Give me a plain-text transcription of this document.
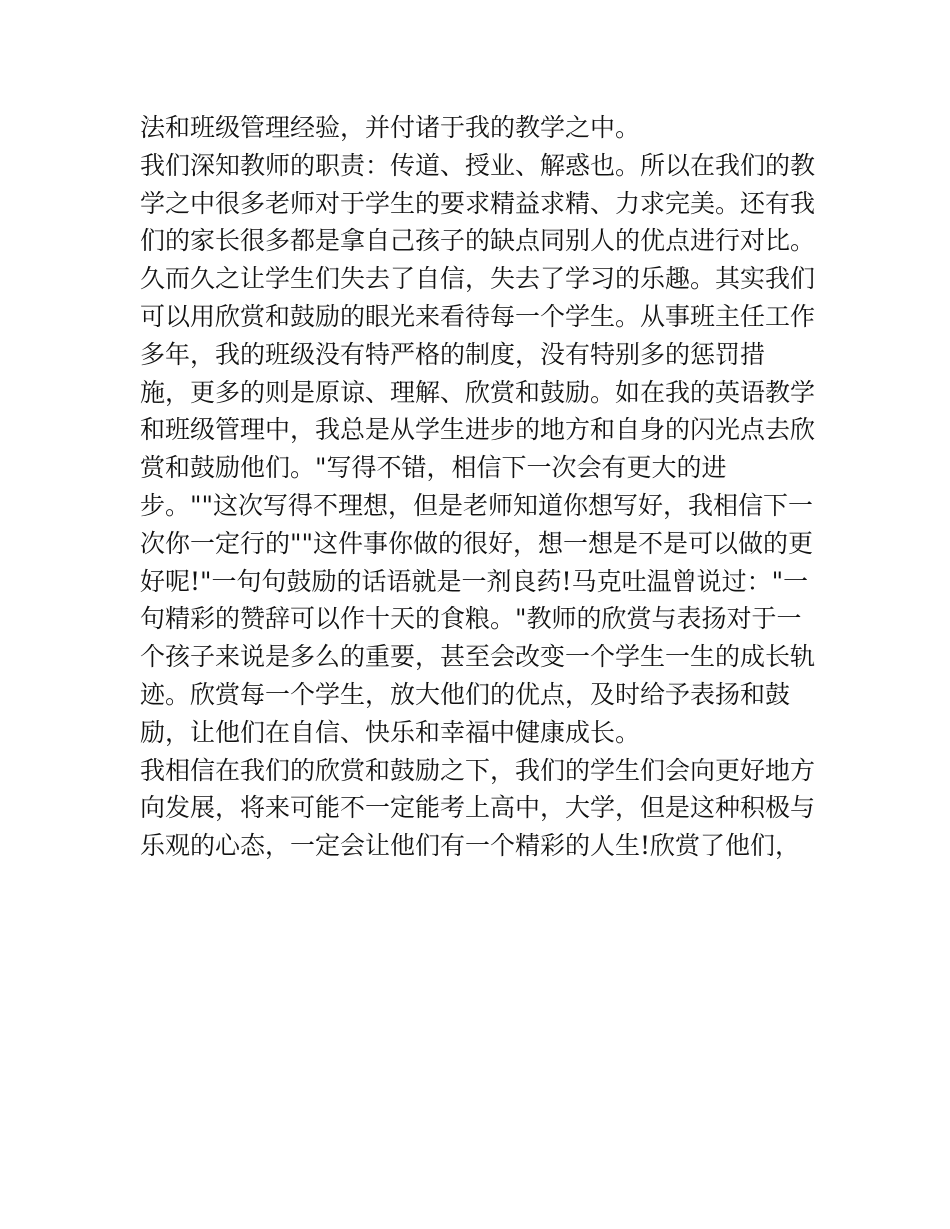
法和班级管理经验，并付诸于我的教学之中。
我们深知教师的职责：传道、授业、解惑也。所以在我们的教
学之中很多老师对于学生的要求精益求精、力求完美。还有我
们的家长很多都是拿自己孩子的缺点同别人的优点进行对比。
久而久之让学生们失去了自信，失去了学习的乐趣。其实我们
可以用欣赏和鼓励的眼光来看待每一个学生。从事班主任工作
多年，我的班级没有特严格的制度，没有特别多的惩罚措
施，更多的则是原谅、理解、欣赏和鼓励。如在我的英语教学
和班级管理中，我总是从学生进步的地方和自身的闪光点去欣
赏和鼓励他们。"写得不错，相信下一次会有更大的进
步。""这次写得不理想，但是老师知道你想写好，我相信下一
次你一定行的""这件事你做的很好，想一想是不是可以做的更
好呢!"一句句鼓励的话语就是一剂良药!马克吐温曾说过："一
句精彩的赞辞可以作十天的食粮。"教师的欣赏与表扬对于一
个孩子来说是多么的重要，甚至会改变一个学生一生的成长轨
迹。欣赏每一个学生，放大他们的优点，及时给予表扬和鼓
励，让他们在自信、快乐和幸福中健康成长。
我相信在我们的欣赏和鼓励之下，我们的学生们会向更好地方
向发展，将来可能不一定能考上高中，大学，但是这种积极与
乐观的心态，一定会让他们有一个精彩的人生!欣赏了他们，
